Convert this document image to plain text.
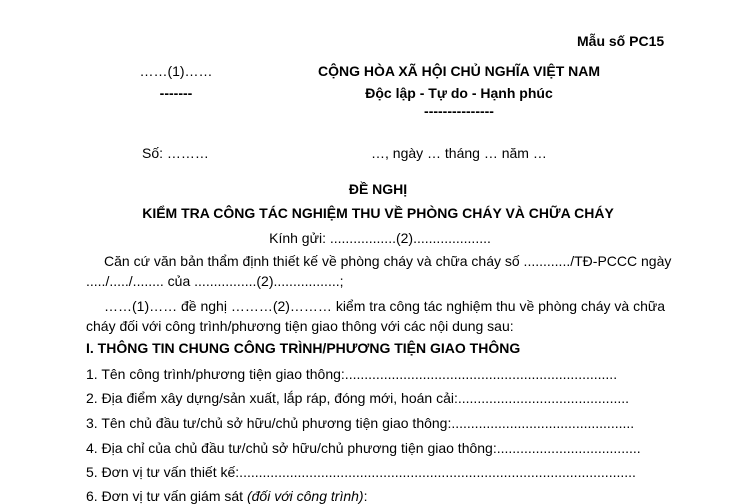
Mẫu số PC15
……(1)……
-------
CỘNG HÒA XÃ HỘI CHỦ NGHĨA VIỆT NAM
Độc lập - Tự do - Hạnh phúc
---------------
Số: ………	…, ngày … tháng … năm …
ĐỀ NGHỊ
KIỂM TRA CÔNG TÁC NGHIỆM THU VỀ PHÒNG CHÁY VÀ CHỮA CHÁY
Kính gửi: .................(2)....................
Căn cứ văn bản thẩm định thiết kế về phòng cháy và chữa cháy số ............/TĐ-PCCC ngày
...../...../........ của ................(2).................;
……(1)…… đề nghị ………(2)……… kiểm tra công tác nghiệm thu về phòng cháy và chữa
cháy đối với công trình/phương tiện giao thông với các nội dung sau:
I. THÔNG TIN CHUNG CÔNG TRÌNH/PHƯƠNG TIỆN GIAO THÔNG
1. Tên công trình/phương tiện giao thông:......................................................................
2. Địa điểm xây dựng/sản xuất, lắp ráp, đóng mới, hoán cải:............................................
3. Tên chủ đầu tư/chủ sở hữu/chủ phương tiện giao thông:...............................................
4. Địa chỉ của chủ đầu tư/chủ sở hữu/chủ phương tiện giao thông:.....................................
5. Đơn vị tư vấn thiết kế:......................................................................................................
6. Đơn vị tư vấn giám sát (đối với công trình):
